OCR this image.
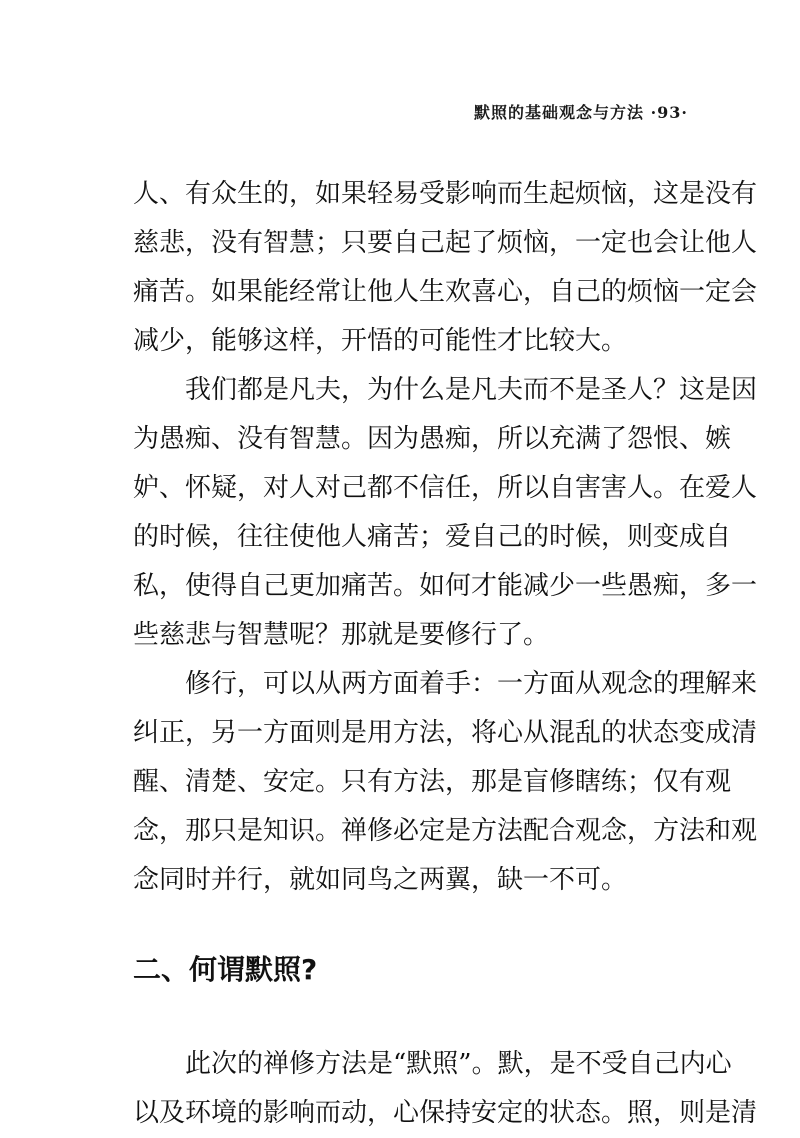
默照的基础观念与方法 ·93·
人、有众生的，如果轻易受影响而生起烦恼，这是没有
慈悲，没有智慧；只要自己起了烦恼，一定也会让他人
痛苦。如果能经常让他人生欢喜心，自己的烦恼一定会
减少，能够这样，开悟的可能性才比较大。
我们都是凡夫，为什么是凡夫而不是圣人？这是因
为愚痴、没有智慧。因为愚痴，所以充满了怨恨、嫉
妒、怀疑，对人对己都不信任，所以自害害人。在爱人
的时候，往往使他人痛苦；爱自己的时候，则变成自
私，使得自己更加痛苦。如何才能减少一些愚痴，多一
些慈悲与智慧呢？那就是要修行了。
修行，可以从两方面着手：一方面从观念的理解来
纠正，另一方面则是用方法，将心从混乱的状态变成清
醒、清楚、安定。只有方法，那是盲修瞎练；仅有观
念，那只是知识。禅修必定是方法配合观念，方法和观
念同时并行，就如同鸟之两翼，缺一不可。
二、何谓默照?
此次的禅修方法是“默照”。默，是不受自己内心
以及环境的影响而动，心保持安定的状态。照，则是清
